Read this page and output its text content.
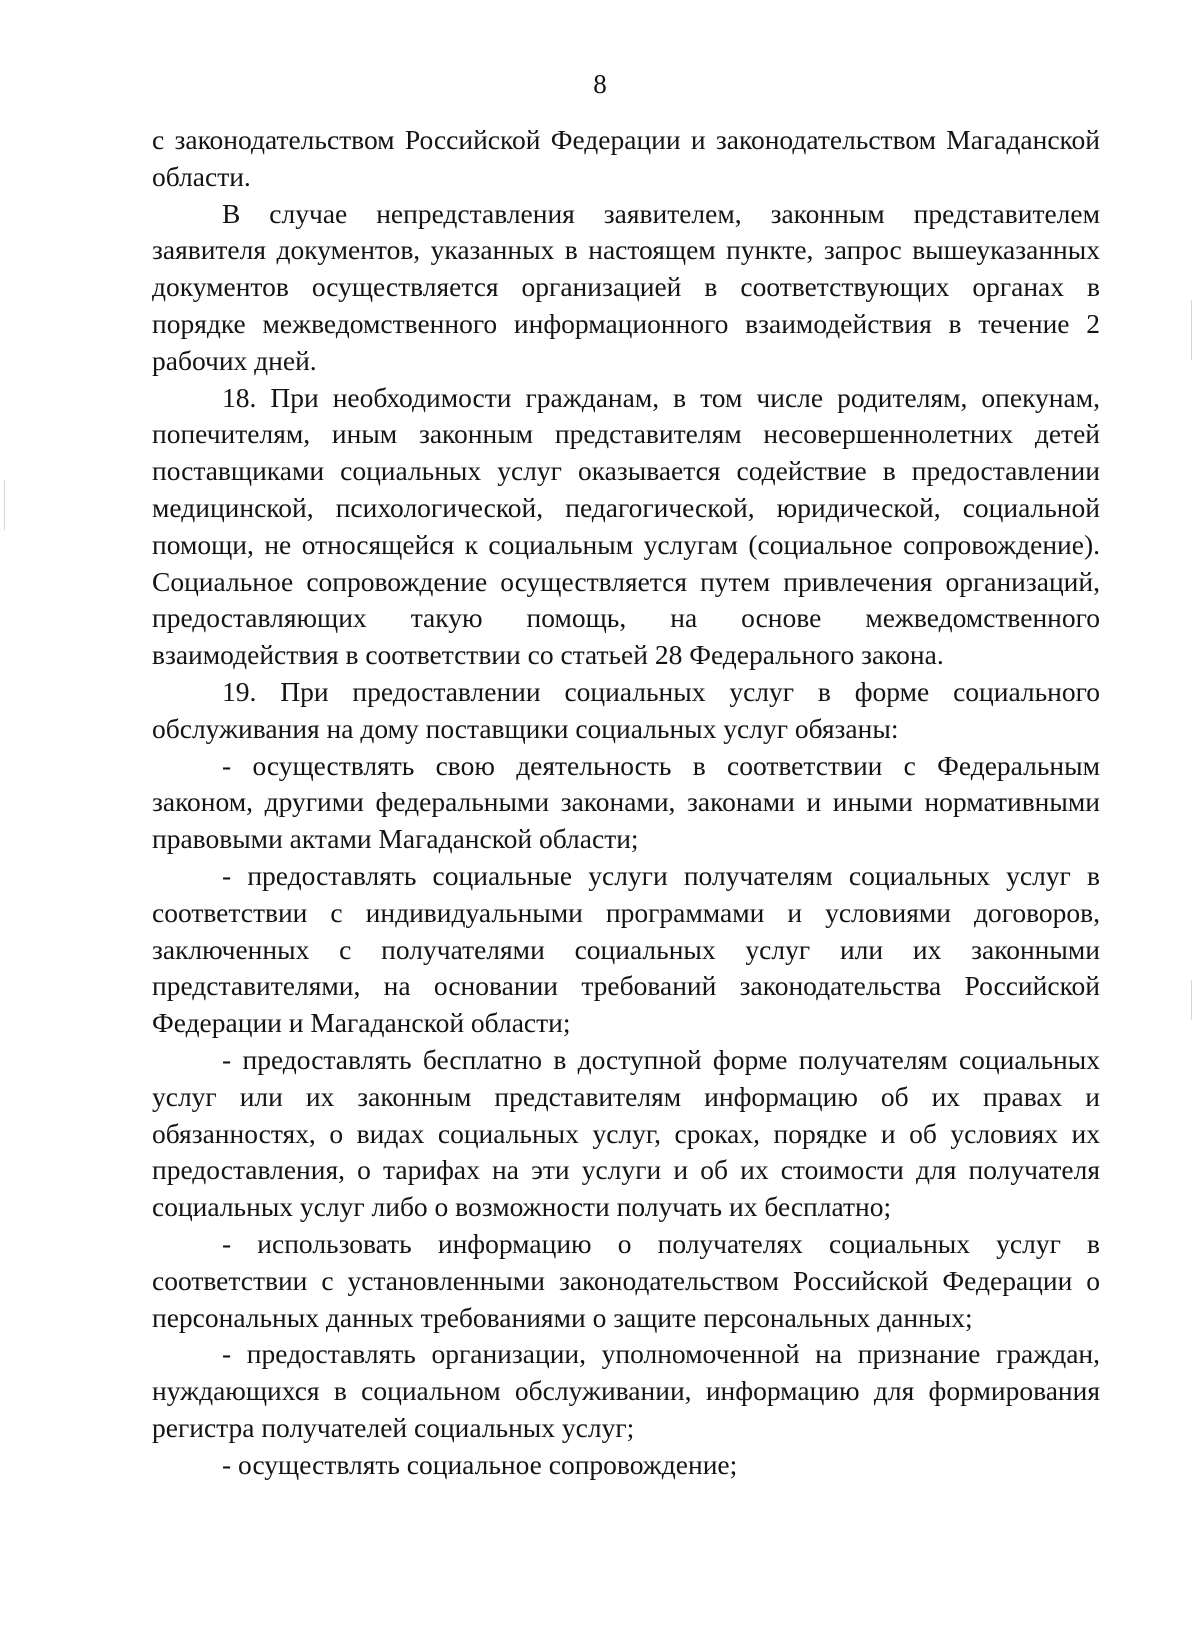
8

с законодательством Российской Федерации и законодательством Магаданской области.

В случае непредставления заявителем, законным представителем заявителя документов, указанных в настоящем пункте, запрос вышеуказанных документов осуществляется организацией в соответствующих органах в порядке межведомственного информационного взаимодействия в течение 2 рабочих дней.

18. При необходимости гражданам, в том числе родителям, опекунам, попечителям, иным законным представителям несовершеннолетних детей поставщиками социальных услуг оказывается содействие в предоставлении медицинской, психологической, педагогической, юридической, социальной помощи, не относящейся к социальным услугам (социальное сопровождение). Социальное сопровождение осуществляется путем привлечения организаций, предоставляющих такую помощь, на основе межведомственного взаимодействия в соответствии со статьей 28 Федерального закона.

19. При предоставлении социальных услуг в форме социального обслуживания на дому поставщики социальных услуг обязаны:

- осуществлять свою деятельность в соответствии с Федеральным законом, другими федеральными законами, законами и иными нормативными правовыми актами Магаданской области;

- предоставлять социальные услуги получателям социальных услуг в соответствии с индивидуальными программами и условиями договоров, заключенных с получателями социальных услуг или их законными представителями, на основании требований законодательства Российской Федерации и Магаданской области;

- предоставлять бесплатно в доступной форме получателям социальных услуг или их законным представителям информацию об их правах и обязанностях, о видах социальных услуг, сроках, порядке и об условиях их предоставления, о тарифах на эти услуги и об их стоимости для получателя социальных услуг либо о возможности получать их бесплатно;

- использовать информацию о получателях социальных услуг в соответствии с установленными законодательством Российской Федерации о персональных данных требованиями о защите персональных данных;

- предоставлять организации, уполномоченной на признание граждан, нуждающихся в социальном обслуживании, информацию для формирования регистра получателей социальных услуг;

- осуществлять социальное сопровождение;
